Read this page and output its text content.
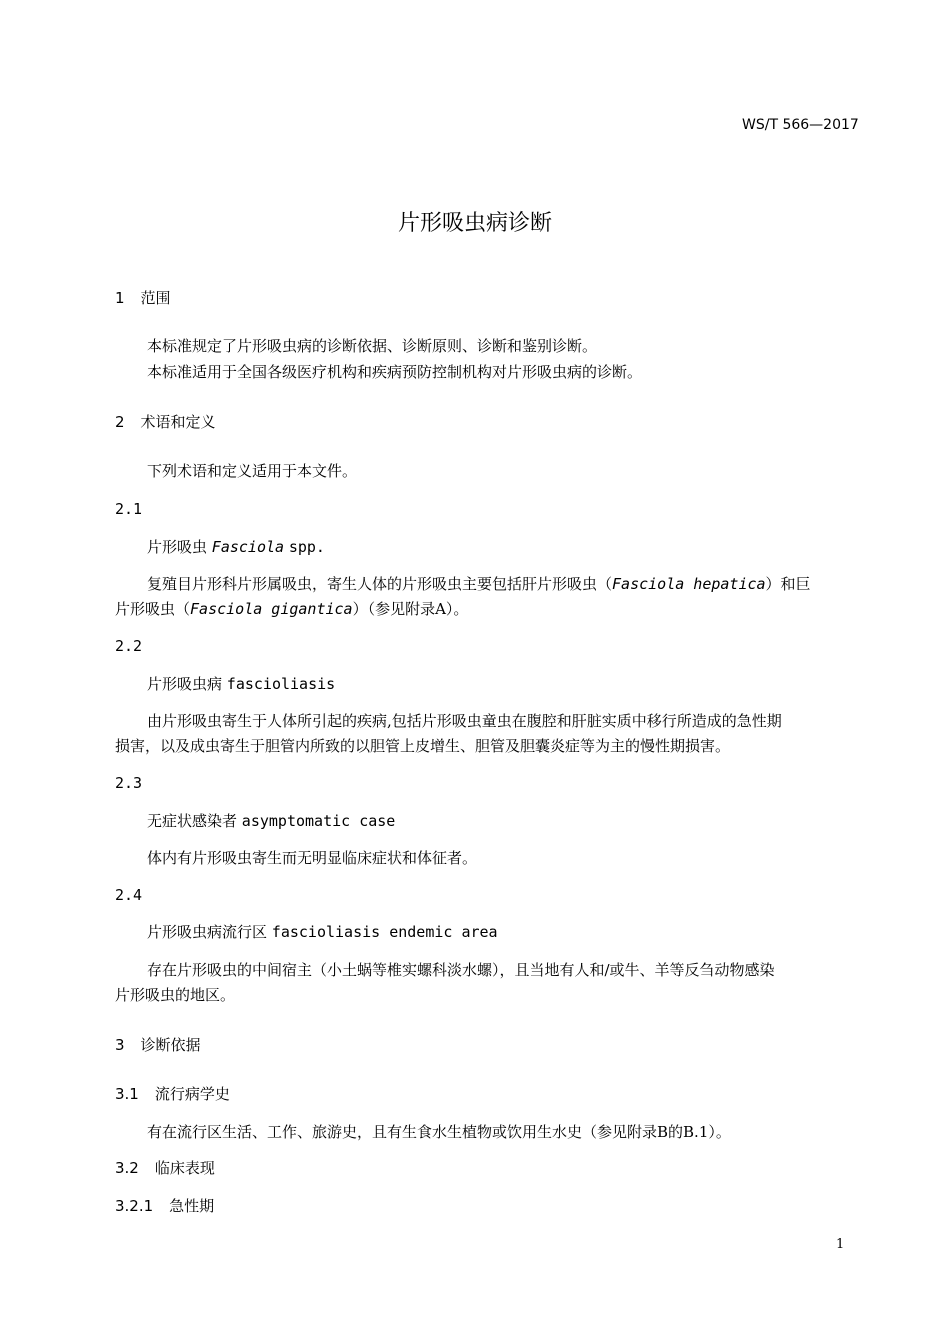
WS/T 566—2017
片形吸虫病诊断
1 范围
本标准规定了片形吸虫病的诊断依据、诊断原则、诊断和鉴别诊断。
本标准适用于全国各级医疗机构和疾病预防控制机构对片形吸虫病的诊断。
2 术语和定义
下列术语和定义适用于本文件。
2.1
片形吸虫 Fasciola spp.
复殖目片形科片形属吸虫，寄生人体的片形吸虫主要包括肝片形吸虫（Fasciola hepatica）和巨
片形吸虫（Fasciola gigantica）（参见附录A）。
2.2
片形吸虫病 fascioliasis
由片形吸虫寄生于人体所引起的疾病,包括片形吸虫童虫在腹腔和肝脏实质中移行所造成的急性期
损害，以及成虫寄生于胆管内所致的以胆管上皮增生、胆管及胆囊炎症等为主的慢性期损害。
2.3
无症状感染者 asymptomatic case
体内有片形吸虫寄生而无明显临床症状和体征者。
2.4
片形吸虫病流行区 fascioliasis endemic area
存在片形吸虫的中间宿主（小土蜗等椎实螺科淡水螺），且当地有人和/或牛、羊等反刍动物感染
片形吸虫的地区。
3 诊断依据
3.1 流行病学史
有在流行区生活、工作、旅游史，且有生食水生植物或饮用生水史（参见附录B的B.1）。
3.2 临床表现
3.2.1 急性期
1
